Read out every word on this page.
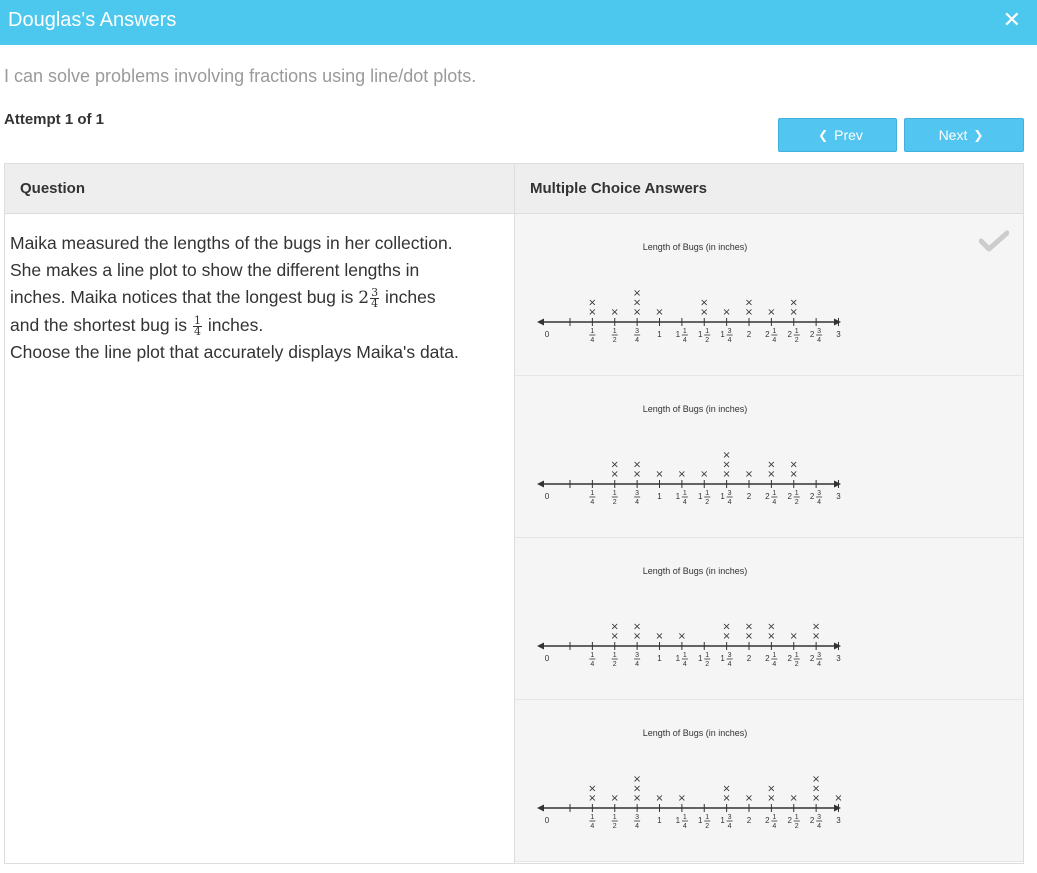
Douglas's Answers	✕
I can solve problems involving fractions using line/dot plots.
Attempt 1 of 1
❮ Prev	Next ❯
Question	Multiple Choice Answers
Maika measured the lengths of the bugs in her collection.
She makes a line plot to show the different lengths in
inches. Maika notices that the longest bug is $2 \frac{3}{4}$ inches
and the shortest bug is $\frac{1}{4}$ inches.
Choose the line plot that accurately displays Maika's data.
Length of Bugs (in inches)
0	1
4
1
2
3
4
1 1 1
4
1 1
2
1 3
4
2 2 1
4
2 1
2
2 3
4
3
×	×
×
×
×
× ×
×
×
×
×
×	× ×
×
Length of Bugs (in inches)
0	1
4
1
2
3
4
1 1 1
4
1 1
2
1 3
4
2 2 1
4
2 1
2
2 3
4
3
×	×
×
×
×
×
× × ×
×
×
×
×
×
×
Length of Bugs (in inches)
0	1
4
1
2
3
4
1 1 1
4
1 1
2
1 3
4
2 2 1
4
2 1
2
2 3
4
3
×	×
×
×
×
×
×
×	×
×
×
×
× ×
×
Length of Bugs (in inches)
0	1
4
1
2
3
4
1 1 1
4
1 1
2
1 3
4
2 2 1
4
2 1
2
2 3
4
3
×	×	×
×
×
× ×
×
×
×	×
×
×
×
× ×
×
×
